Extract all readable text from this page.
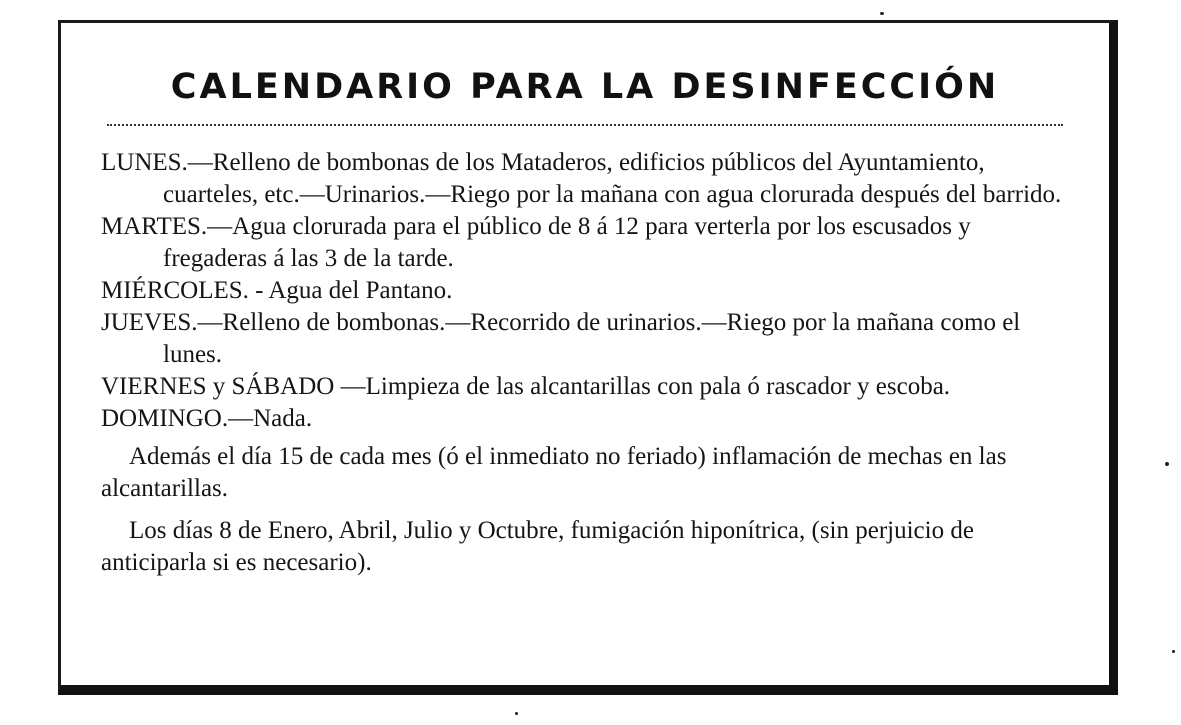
CALENDARIO PARA LA DESINFECCIÓN

LUNES.—Relleno de bombonas de los Mataderos, edificios públicos del Ayuntamiento, cuarteles, etc.—Urinarios.—Riego por la mañana con agua clorurada después del barrido.

MARTES.—Agua clorurada para el público de 8 á 12 para verterla por los escusados y fregaderas á las 3 de la tarde.

MIÉRCOLES. - Agua del Pantano.

JUEVES.—Relleno de bombonas.—Recorrido de urinarios.—Riego por la mañana como el lunes.

VIERNES y SÁBADO —Limpieza de las alcantarillas con pala ó rascador y escoba.

DOMINGO.—Nada.

Además el día 15 de cada mes (ó el inmediato no feriado) inflamación de mechas en las alcantarillas.

Los días 8 de Enero, Abril, Julio y Octubre, fumigación hiponítrica, (sin perjuicio de anticiparla si es necesario).
